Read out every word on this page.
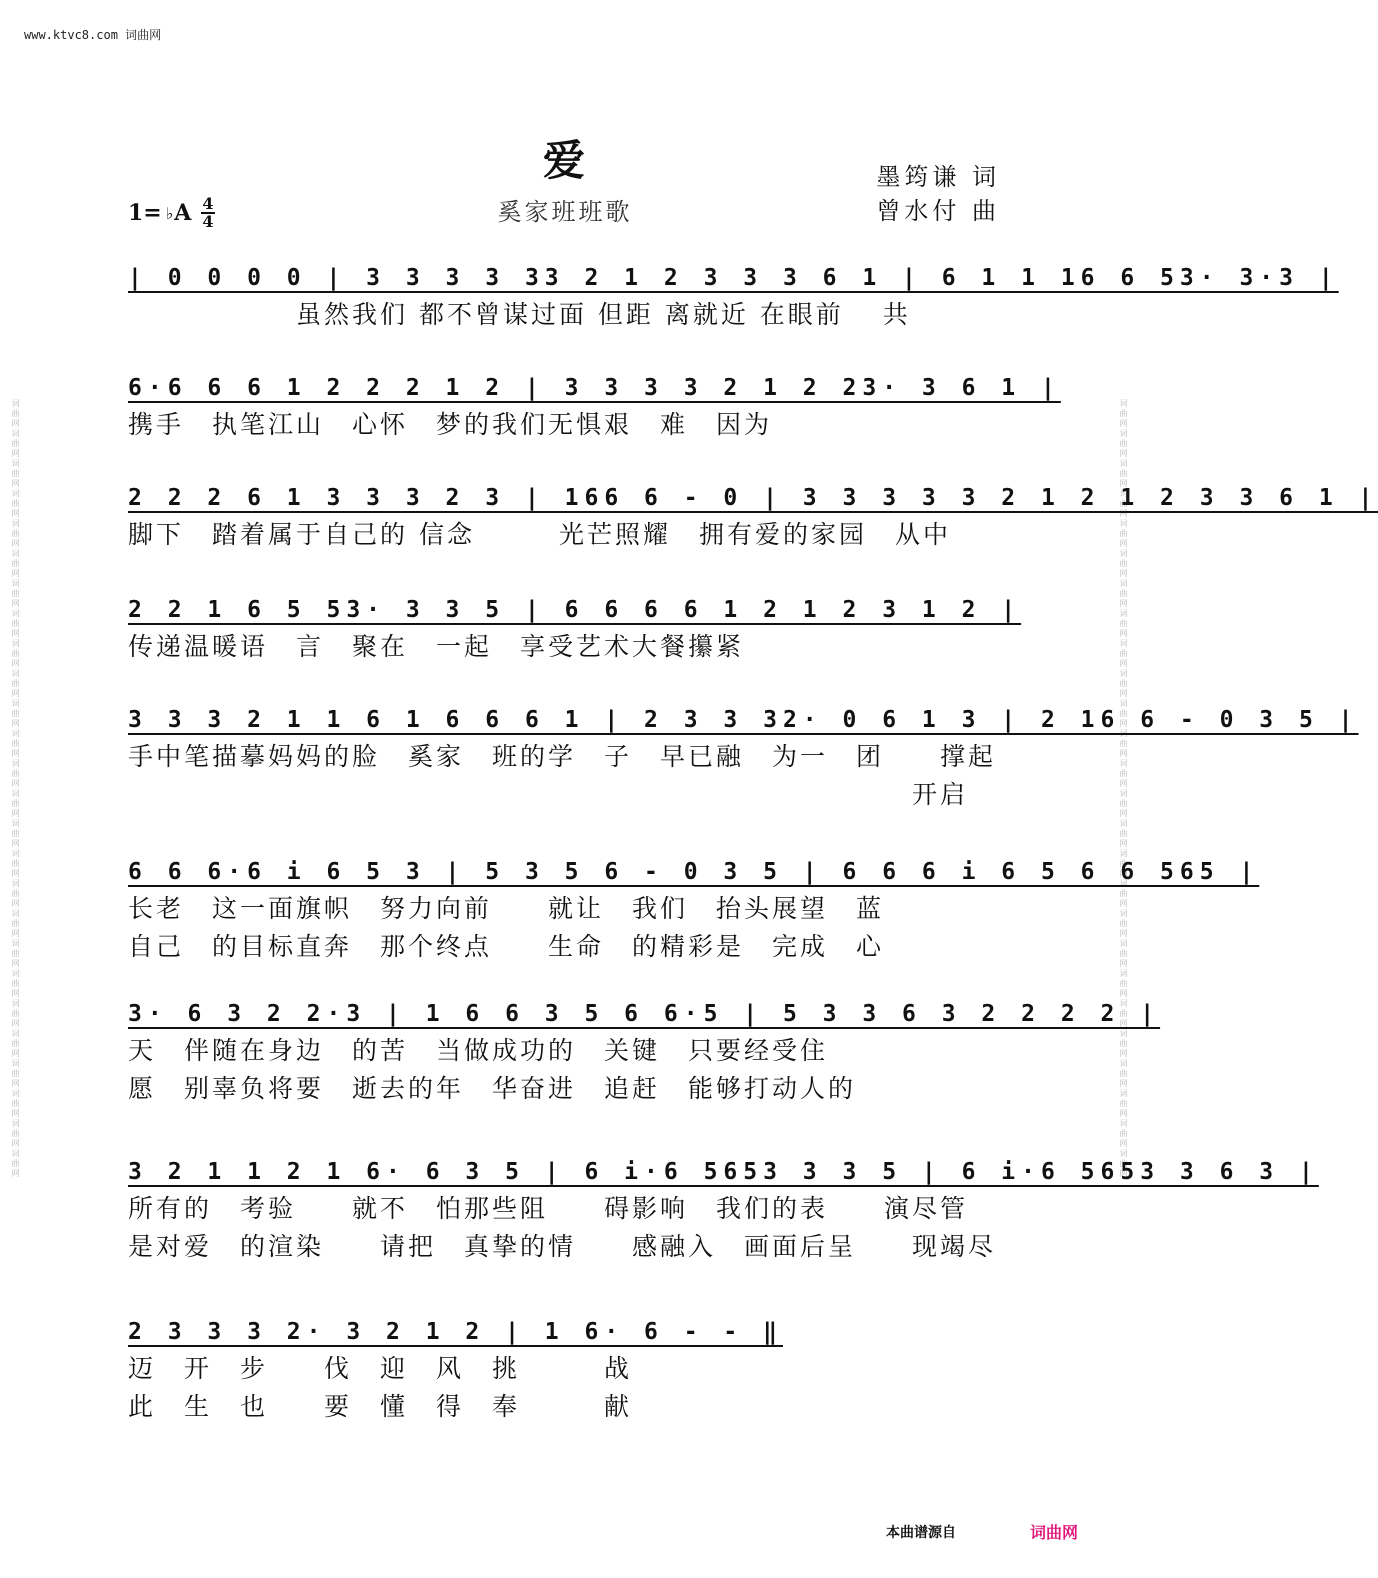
词曲网词曲网词曲网词曲网词曲网词曲网词曲网词曲网词曲网词曲网词曲网词曲网词曲网词曲网词曲网词曲网词曲网词曲网词曲网词曲网词曲网词曲网词曲网词曲网词曲网词曲网	词曲网词曲网词曲网词曲网词曲网词曲网词曲网词曲网词曲网词曲网词曲网词曲网词曲网词曲网词曲网词曲网词曲网词曲网词曲网词曲网词曲网词曲网词曲网词曲网词曲网词曲网
www.ktvc8.com 词曲网
爱
奚家班班歌
墨筠谦 词
曾水付 曲
1= ♭ A $\frac{4}{4}$
| 0 0 0 0 | 3 3 3 3 33 2 1 2 3 3 3 6 1 | 6 1 1 16 6 53· 3·3 |
　　　　　　虽然我们 都不曾谋过面 但距 离就近 在眼前　 共
6·6 6 6 1 2 2 2 1 2 | 3 3 3 3 2 1 2 23· 3 6 1 |
携手　执笔江山　心怀　梦的我们无惧艰　难　因为
2 2 2 6 1 3 3 3 2 3 | 166 6 - 0 | 3 3 3 3 3 2 1 2 1 2 3 3 6 1 |
脚下　踏着属于自己的 信念　　　光芒照耀　拥有爱的家园　从中
2 2 1 6 5 53· 3 3 5 | 6 6 6 6 1 2 1 2 3 1 2 |
传递温暖语　言　聚在　一起　享受艺术大餐攥紧
3 3 3 2 1 1 6 1 6 6 6 1 | 2 3 3 32· 0 6 1 3 | 2 16 6 - 0 3 5 |
手中笔描摹妈妈的脸　奚家　班的学　子　早已融　为一　团　　撑起
　　　　　　　　　　　　　　　　　　　　　　　　　　　　开启
6 6 6·6 i 6 5 3 | 5 3 5 6 - 0 3 5 | 6 6 6 i 6 5 6 6 565 |
长老　这一面旗帜　努力向前　　就让　我们　抬头展望　蓝
自己　的目标直奔　那个终点　　生命　的精彩是　完成　心
3· 6 3 2 2·3 | 1 6 6 3 5 6 6·5 | 5 3 3 6 3 2 2 2 2 |
天　伴随在身边　的苦　当做成功的　关键　只要经受住
愿　别辜负将要　逝去的年　华奋进　追赶　能够打动人的
3 2 1 1 2 1 6· 6 3 5 | 6 i·6 5653 3 3 5 | 6 i·6 5653 3 6 3 |
所有的　考验　　就不　怕那些阻　　碍影响　我们的表　　演尽管
是对爱　的渲染　　请把　真挚的情　　感融入　画面后呈　　现竭尽
2 3 3 3 2· 3 2 1 2 | 1 6· 6 - - ‖
迈　开　步　　伐　迎　风　挑　　　战
此　生　也　　要　懂　得　奉　　　献
本曲谱源自	词曲网
